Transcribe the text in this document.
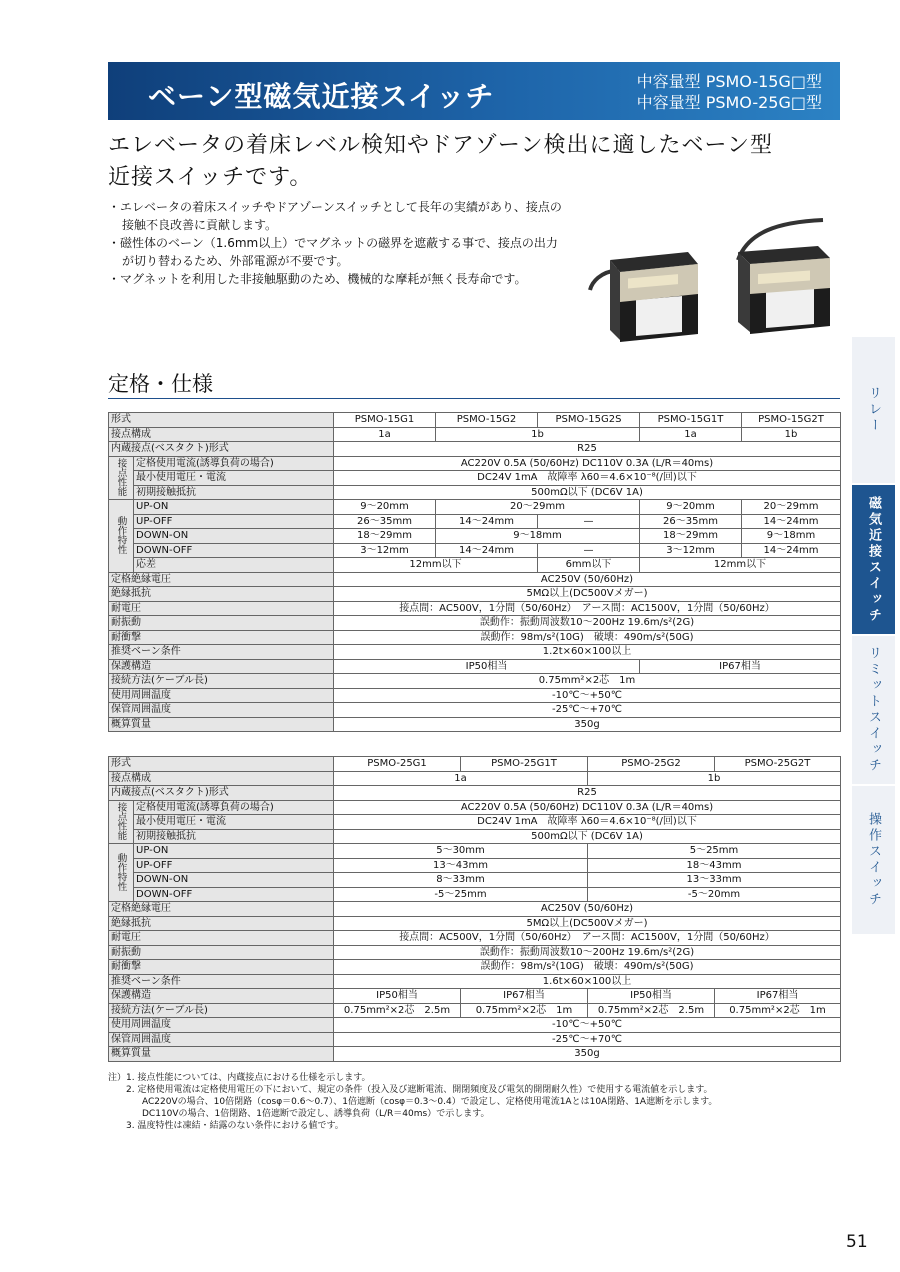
ベーン型磁気近接スイッチ	中容量型 PSMO-15G□型
中容量型 PSMO-25G□型
エレベータの着床レベル検知やドアゾーン検出に適したベーン型
近接スイッチです。
・ エレベータの着床スイッチやドアゾーンスイッチとして長年の実績があり、接点の接触不良改善に貢献します。
・ 磁性体のベーン（1.6mm以上）でマグネットの磁界を遮蔽する事で、接点の出力が切り替わるため、外部電源が不要です。
・ マグネットを利用した非接触駆動のため、機械的な摩耗が無く長寿命です。
定格・仕様
形式		PSMO-15G1	PSMO-15G2	PSMO-15G2S	PSMO-15G1T	PSMO-15G2T
接点構成		1a	1b		1a	1b
内蔵接点(ベスタクト)形式		R25				
接点性能	定格使用電流(誘導負荷の場合)	AC220V 0.5A (50/60Hz) DC110V 0.3A (L/R＝40ms)				
	最小使用電圧・電流	DC24V 1mA　故障率 λ60＝4.6×10⁻⁸(/回)以下				
	初期接触抵抗	500mΩ以下 (DC6V 1A)				
動作特性	UP-ON	9～20mm	20～29mm		9～20mm	20～29mm
	UP-OFF	26～35mm	14～24mm	—	26～35mm	14～24mm
	DOWN-ON	18～29mm	9～18mm		18～29mm	9～18mm
	DOWN-OFF	3～12mm	14～24mm	—	3～12mm	14～24mm
	応差	12mm以下		6mm以下	12mm以下	
定格絶縁電圧		AC250V (50/60Hz)				
絶縁抵抗		5MΩ以上(DC500Vメガー)				
耐電圧		接点間：AC500V，1分間（50/60Hz）　アース間：AC1500V，1分間（50/60Hz）				
耐振動		誤動作：振動周波数10～200Hz 19.6m/s²(2G)				
耐衝撃		誤動作：98m/s²(10G)　破壊：490m/s²(50G)				
推奨ベーン条件		1.2t×60×100以上				
保護構造		IP50相当			IP67相当	
接続方法(ケーブル長)		0.75mm²×2芯　1m				
使用周囲温度		-10℃～+50℃				
保管周囲温度		-25℃～+70℃				
概算質量		350g				
形式		PSMO-25G1	PSMO-25G1T	PSMO-25G2	PSMO-25G2T
接点構成		1a		1b	
内蔵接点(ベスタクト)形式		R25			
接点性能	定格使用電流(誘導負荷の場合)	AC220V 0.5A (50/60Hz) DC110V 0.3A (L/R＝40ms)			
	最小使用電圧・電流	DC24V 1mA　故障率 λ60＝4.6×10⁻⁸(/回)以下			
	初期接触抵抗	500mΩ以下 (DC6V 1A)			
動作特性	UP-ON	5～30mm		5～25mm	
	UP-OFF	13～43mm		18～43mm	
	DOWN-ON	8～33mm		13～33mm	
	DOWN-OFF	-5～25mm		-5～20mm	
定格絶縁電圧		AC250V (50/60Hz)			
絶縁抵抗		5MΩ以上(DC500Vメガー)			
耐電圧		接点間：AC500V，1分間（50/60Hz）　アース間：AC1500V，1分間（50/60Hz）			
耐振動		誤動作：振動周波数10～200Hz 19.6m/s²(2G)			
耐衝撃		誤動作：98m/s²(10G)　破壊：490m/s²(50G)			
推奨ベーン条件		1.6t×60×100以上			
保護構造		IP50相当	IP67相当	IP50相当	IP67相当
接続方法(ケーブル長)		0.75mm²×2芯　2.5m	0.75mm²×2芯　1m	0.75mm²×2芯　2.5m	0.75mm²×2芯　1m
使用周囲温度		-10℃～+50℃			
保管周囲温度		-25℃～+70℃			
概算質量		350g			

注）1. 接点性能については、内蔵接点における仕様を示します。

2. 定格使用電流は定格使用電圧の下において、規定の条件（投入及び遮断電流、開閉頻度及び電気的開閉耐久性）で使用する電流値を示します。

AC220Vの場合、10倍閉路（cosφ＝0.6～0.7）、1倍遮断（cosφ＝0.3～0.4）で設定し、定格使用電流1Aとは10A閉路、1A遮断を示します。

DC110Vの場合、1倍閉路、1倍遮断で設定し、誘導負荷（L/R＝40ms）で示します。

3. 温度特性は凍結・結露のない条件における値です。

リレー
磁気近接スイッチ
リミットスイッチ
操作スイッチ
51
